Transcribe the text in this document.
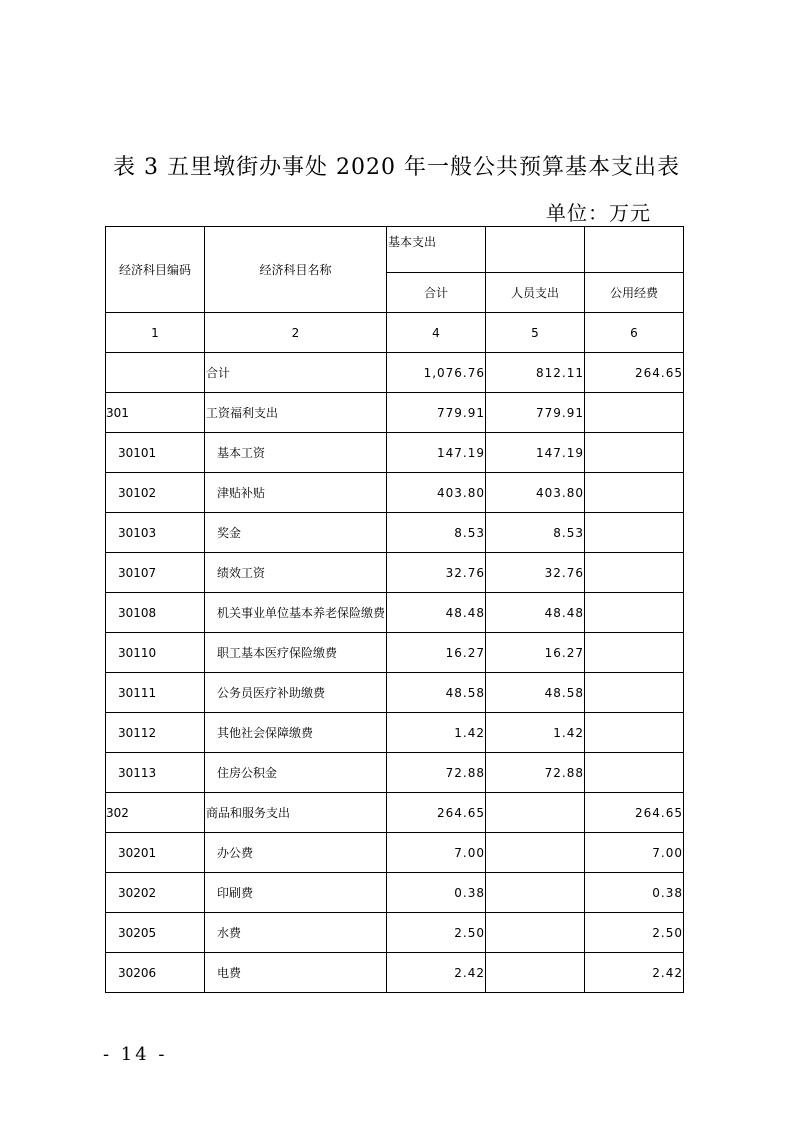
表 3 五里墩街办事处 2020 年一般公共预算基本支出表
单位：万元
经济科目编码	经济科目名称	基本支出		
		合计	人员支出	公用经费
1	2	4	5	6
	合计	1,076.76	812.11	264.65
301	工资福利支出	779.91	779.91	
30101	基本工资	147.19	147.19	
30102	津贴补贴	403.80	403.80	
30103	奖金	8.53	8.53	
30107	绩效工资	32.76	32.76	
30108	机关事业单位基本养老保险缴费	48.48	48.48	
30110	职工基本医疗保险缴费	16.27	16.27	
30111	公务员医疗补助缴费	48.58	48.58	
30112	其他社会保障缴费	1.42	1.42	
30113	住房公积金	72.88	72.88	
302	商品和服务支出	264.65		264.65
30201	办公费	7.00		7.00
30202	印刷费	0.38		0.38
30205	水费	2.50		2.50
30206	电费	2.42		2.42
- 14 -
